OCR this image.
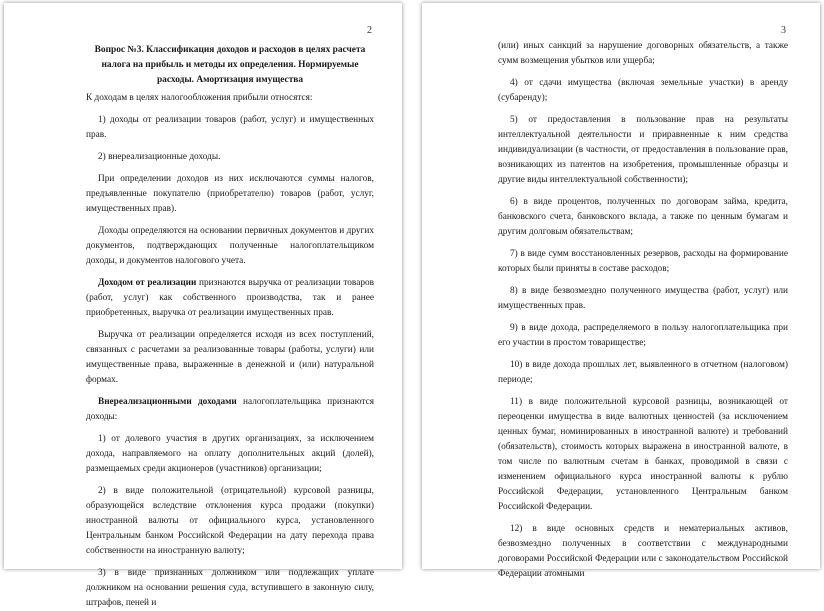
2
Вопрос №3. Классификация доходов и расходов в целях расчета налога на прибыль и методы их определения. Нормируемые расходы. Амортизация имущества

К доходам в целях налогообложения прибыли относятся:

1) доходы от реализации товаров (работ, услуг) и имущественных прав.

2) внереализационные доходы.

При определении доходов из них исключаются суммы налогов, предъявленные покупателю (приобретателю) товаров (работ, услуг, имущественных прав).

Доходы определяются на основании первичных документов и других документов, подтверждающих полученные налогоплательщиком доходы, и документов налогового учета.

Доходом от реализации признаются выручка от реализации товаров (работ, услуг) как собственного производства, так и ранее приобретенных, выручка от реализации имущественных прав.

Выручка от реализации определяется исходя из всех поступлений, связанных с расчетами за реализованные товары (работы, услуги) или имущественные права, выраженные в денежной и (или) натуральной формах.

Внереализационными доходами налогоплательщика признаются доходы:

1) от долевого участия в других организациях, за исключением дохода, направляемого на оплату дополнительных акций (долей), размещаемых среди акционеров (участников) организации;

2) в виде положительной (отрицательной) курсовой разницы, образующейся вследствие отклонения курса продажи (покупки) иностранной валюты от официального курса, установленного Центральным банком Российской Федерации на дату перехода права собственности на иностранную валюту;

3) в виде признанных должником или подлежащих уплате должником на основании решения суда, вступившего в законную силу, штрафов, пеней и

3

(или) иных санкций за нарушение договорных обязательств, а также сумм возмещения убытков или ущерба;

4) от сдачи имущества (включая земельные участки) в аренду (субаренду);

5) от предоставления в пользование прав на результаты интеллектуальной деятельности и приравненные к ним средства индивидуализации (в частности, от предоставления в пользование прав, возникающих из патентов на изобретения, промышленные образцы и другие виды интеллектуальной собственности);

6) в виде процентов, полученных по договорам займа, кредита, банковского счета, банковского вклада, а также по ценным бумагам и другим долговым обязательствам;

7) в виде сумм восстановленных резервов, расходы на формирование которых были приняты в составе расходов;

8) в виде безвозмездно полученного имущества (работ, услуг) или имущественных прав.

9) в виде дохода, распределяемого в пользу налогоплательщика при его участии в простом товариществе;

10) в виде дохода прошлых лет, выявленного в отчетном (налоговом) периоде;

11) в виде положительной курсовой разницы, возникающей от переоценки имущества в виде валютных ценностей (за исключением ценных бумаг, номинированных в иностранной валюте) и требований (обязательств), стоимость которых выражена в иностранной валюте, в том числе по валютным счетам в банках, проводимой в связи с изменением официального курса иностранной валюты к рублю Российской Федерации, установленного Центральным банком Российской Федерации.

12) в виде основных средств и нематериальных активов, безвозмездно полученных в соответствии с международными договорами Российской Федерации или с законодательством Российской Федерации атомными
